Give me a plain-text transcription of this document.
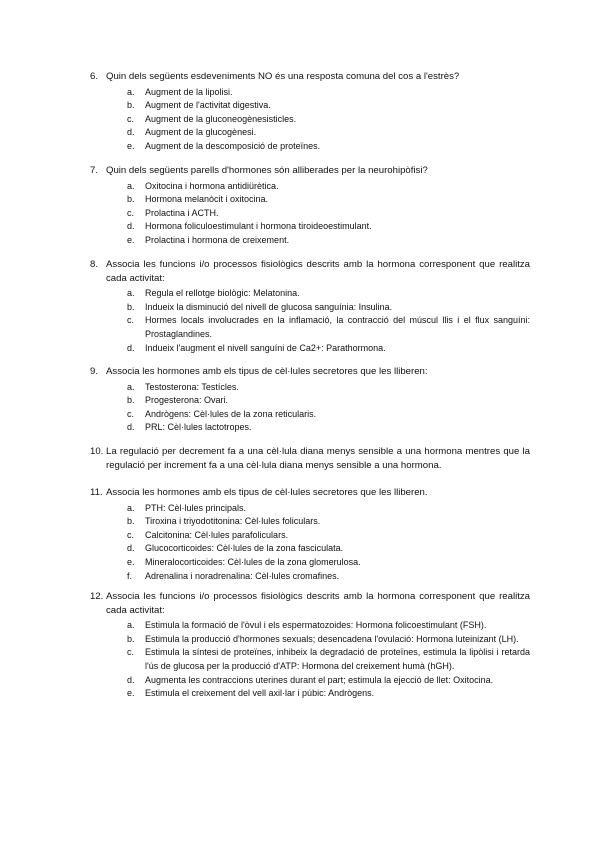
6. Quin dels següents esdeveniments NO és una resposta comuna del cos a l'estrès?
a. Augment de la lipolisi.
b. Augment de l'activitat digestiva.
c. Augment de la gluconeogènesisticles.
d. Augment de la glucogènesi.
e. Augment de la descomposició de proteïnes.
7. Quin dels següents parells d'hormones són alliberades per la neurohipòfisi?
a. Oxitocina i hormona antidiürètica.
b. Hormona melanòcit i oxitocina.
c. Prolactina i ACTH.
d. Hormona foliculoestimulant i hormona tiroideoestimulant.
e. Prolactina i hormona de creixement.
8. Associa les funcions i/o processos fisiològics descrits amb la hormona corresponent que realitza cada activitat:
a. Regula el rellotge biològic: Melatonina.
b. Indueix la disminució del nivell de glucosa sanguínia: Insulina.
c. Hormes locals involucrades en la inflamació, la contracció del múscul llis i el flux sanguíni: Prostaglandines.
d. Indueix l'augment el nivell sanguíni de Ca2+: Parathormona.
9. Associa les hormones amb els tipus de cèl·lules secretores que les lliberen:
a. Testosterona: Testícles.
b. Progesterona: Ovari.
c. Andrògens: Cèl·lules de la zona reticularis.
d. PRL: Cèl·lules lactotropes.
10. La regulació per decrement fa a una cèl·lula diana menys sensible a una hormona mentres que la regulació per increment fa a una cèl·lula diana menys sensible a una hormona.
11. Associa les hormones amb els tipus de cèl·lules secretores que les lliberen.
a. PTH: Cèl·lules principals.
b. Tiroxina i triyodotitonina: Cèl·lules foliculars.
c. Calcitonina: Cèl·lules parafoliculars.
d. Glucocorticoides: Cèl·lules de la zona fasciculata.
e. Mineralocorticoides: Cèl·lules de la zona glomerulosa.
f. Adrenalina i noradrenalina: Cèl·lules cromafines.
12. Associa les funcions i/o processos fisiològics descrits amb la hormona corresponent que realitza cada activitat:
a. Estimula la formació de l'òvul i els espermatozoides: Hormona folicoestimulant (FSH).
b. Estimula la producció d'hormones sexuals; desencadena l'ovulació: Hormona luteinizant (LH).
c. Estimula la síntesi de proteïnes, inhibeix la degradació de proteïnes, estimula la lipòlisi i retarda l'ús de glucosa per la producció d'ATP: Hormona del creixement humà (hGH).
d. Augmenta les contraccions uterines durant el part; estimula la ejecció de llet: Oxitocina.
e. Estimula el creixement del vell axil·lar i púbic: Andrògens.
